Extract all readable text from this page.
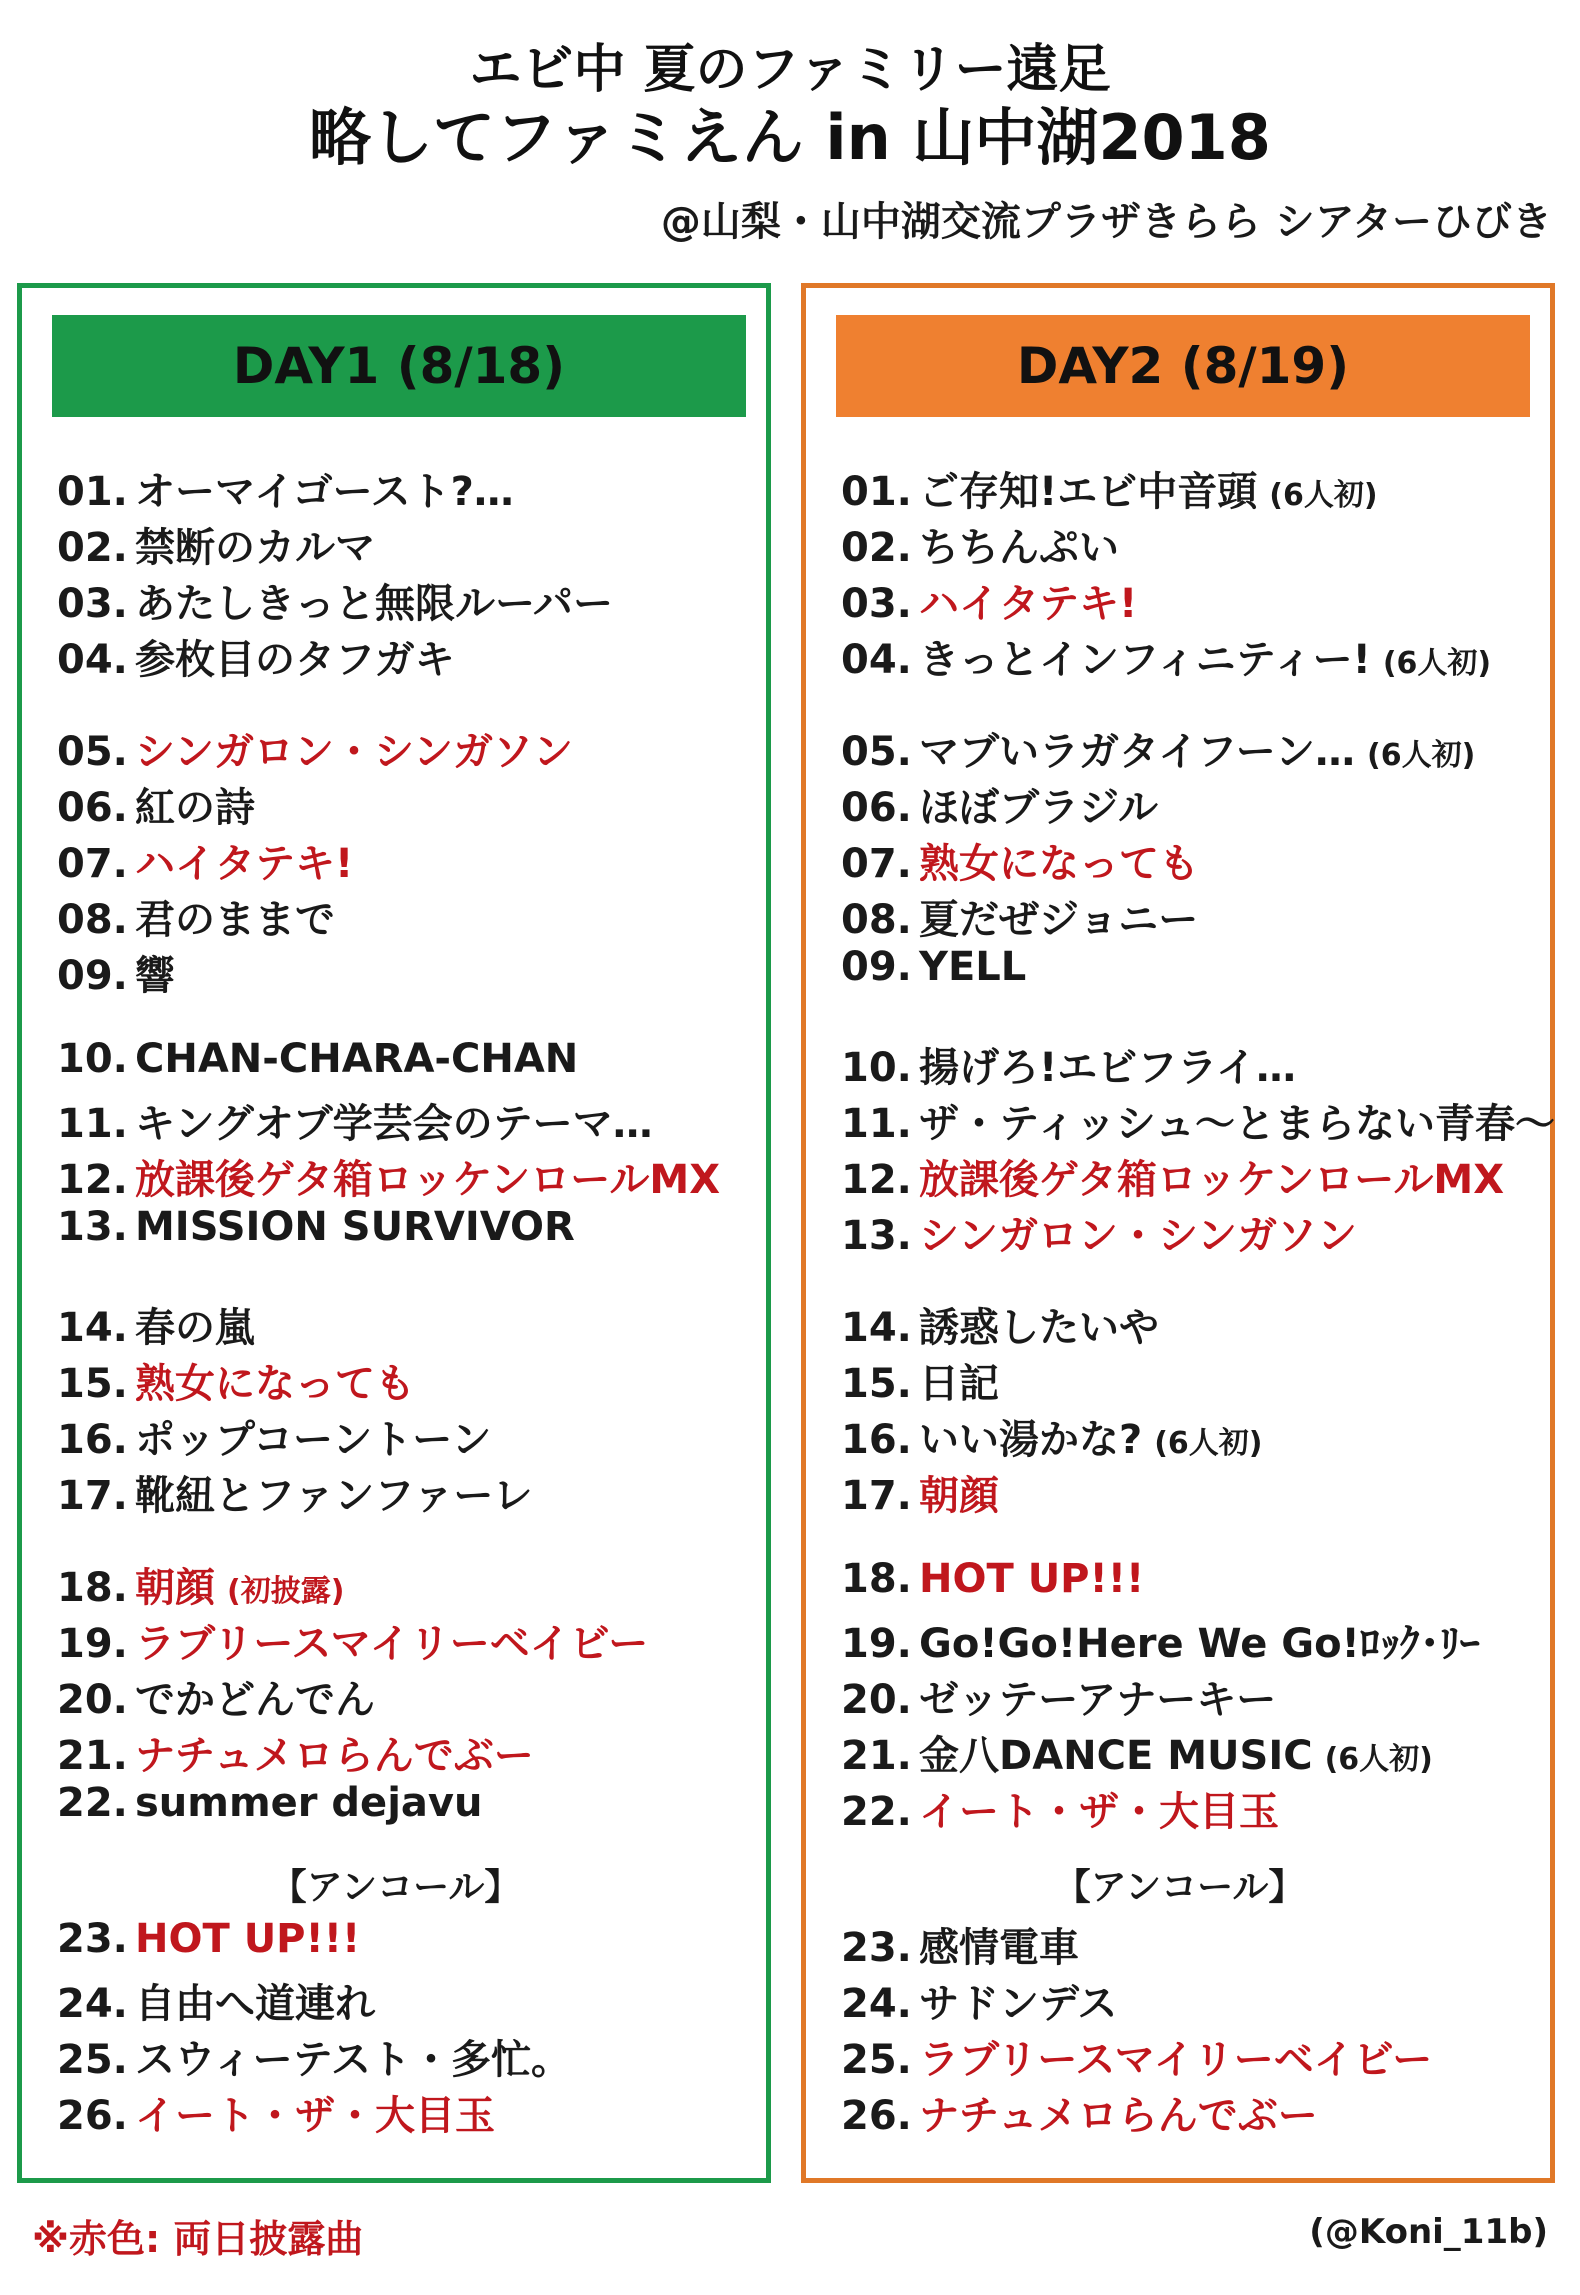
エビ中 夏のファミリー遠足
略してファミえん in 山中湖2018
@山梨・山中湖交流プラザきらら シアターひびき
DAY1 (8/18)
01. オーマイゴースト?…
02. 禁断のカルマ
03. あたしきっと無限ルーパー
04. 参枚目のタフガキ
05. シンガロン・シンガソン
06. 紅の詩
07. ハイタテキ!
08. 君のままで
09. 響
10. CHAN-CHARA-CHAN
11. キングオブ学芸会のテーマ…
12. 放課後ゲタ箱ロッケンロールMX
13. MISSION SURVIVOR
14. 春の嵐
15. 熟女になっても
16. ポップコーントーン
17. 靴紐とファンファーレ
18. 朝顔 (初披露)
19. ラブリースマイリーベイビー
20. でかどんでん
21. ナチュメロらんでぶー
22. summer dejavu
【アンコール】
23. HOT UP!!!
24. 自由へ道連れ
25. スウィーテスト・多忙。
26. イート・ザ・大目玉
DAY2 (8/19)
01. ご存知!エビ中音頭 (6人初)
02. ちちんぷい
03. ハイタテキ!
04. きっとインフィニティー! (6人初)
05. マブいラガタイフーン… (6人初)
06. ほぼブラジル
07. 熟女になっても
08. 夏だぜジョニー
09. YELL
10. 揚げろ!エビフライ…
11. ザ・ティッシュ〜とまらない青春〜
12. 放課後ゲタ箱ロッケンロールMX
13. シンガロン・シンガソン
14. 誘惑したいや
15. 日記
16. いい湯かな? (6人初)
17. 朝顔
18. HOT UP!!!
19. Go!Go!Here We Go!ﾛｯｸ･ﾘｰ
20. ゼッテーアナーキー
21. 金八DANCE MUSIC (6人初)
22. イート・ザ・大目玉
【アンコール】
23. 感情電車
24. サドンデス
25. ラブリースマイリーベイビー
26. ナチュメロらんでぶー
※赤色: 両日披露曲	(@Koni_11b)
